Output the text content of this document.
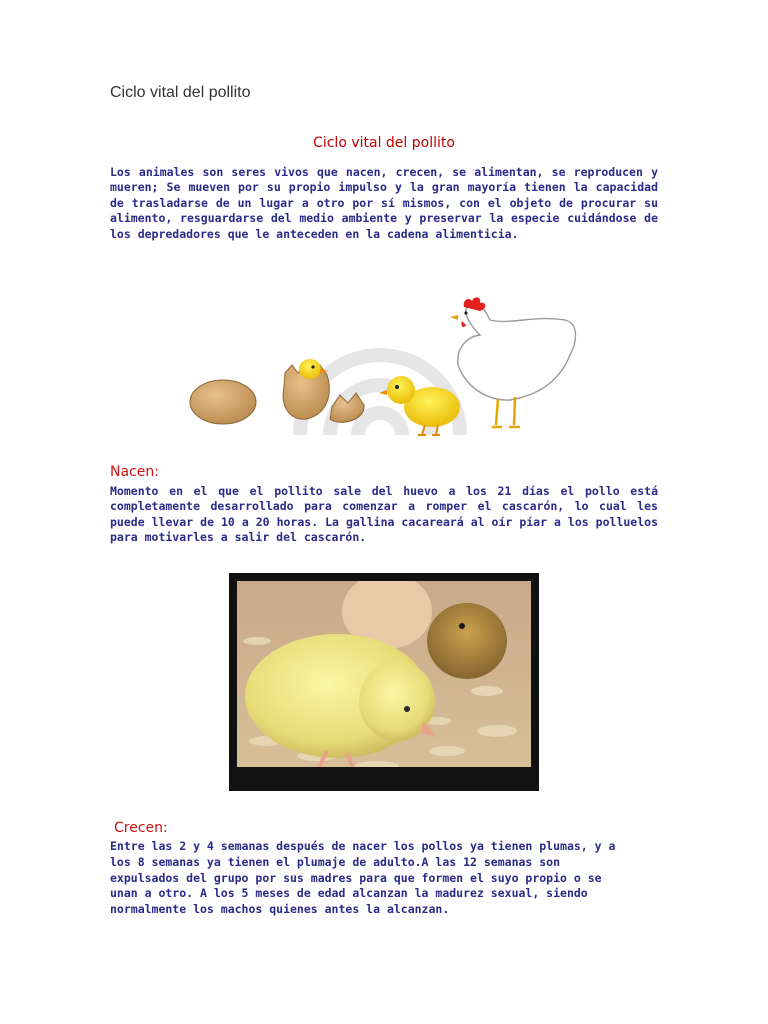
Ciclo vital del pollito
Ciclo vital del pollito

Los animales son seres vivos que nacen, crecen, se alimentan, se reproducen y mueren; Se mueven por su propio impulso y la gran mayoría tienen la capacidad de trasladarse de un lugar a otro por sí mismos, con el objeto de procurar su alimento, resguardarse del medio ambiente y preservar la especie cuidándose de los depredadores que le anteceden en la cadena alimenticia.

Nacen:

Momento en el que el pollito sale del huevo a los 21 días el pollo está completamente desarrollado para comenzar a romper el cascarón, lo cual les puede llevar de 10 a 20 horas. La gallina cacareará al oír píar a los polluelos para motivarles a salir del cascarón.

Crecen:

Entre las 2 y 4 semanas después de nacer los pollos ya tienen plumas, y a los 8 semanas ya tienen el plumaje de adulto.A las 12 semanas son expulsados del grupo por sus madres para que formen el suyo propio o se unan a otro. A los 5 meses de edad alcanzan la madurez sexual, siendo normalmente los machos quienes antes la alcanzan.
